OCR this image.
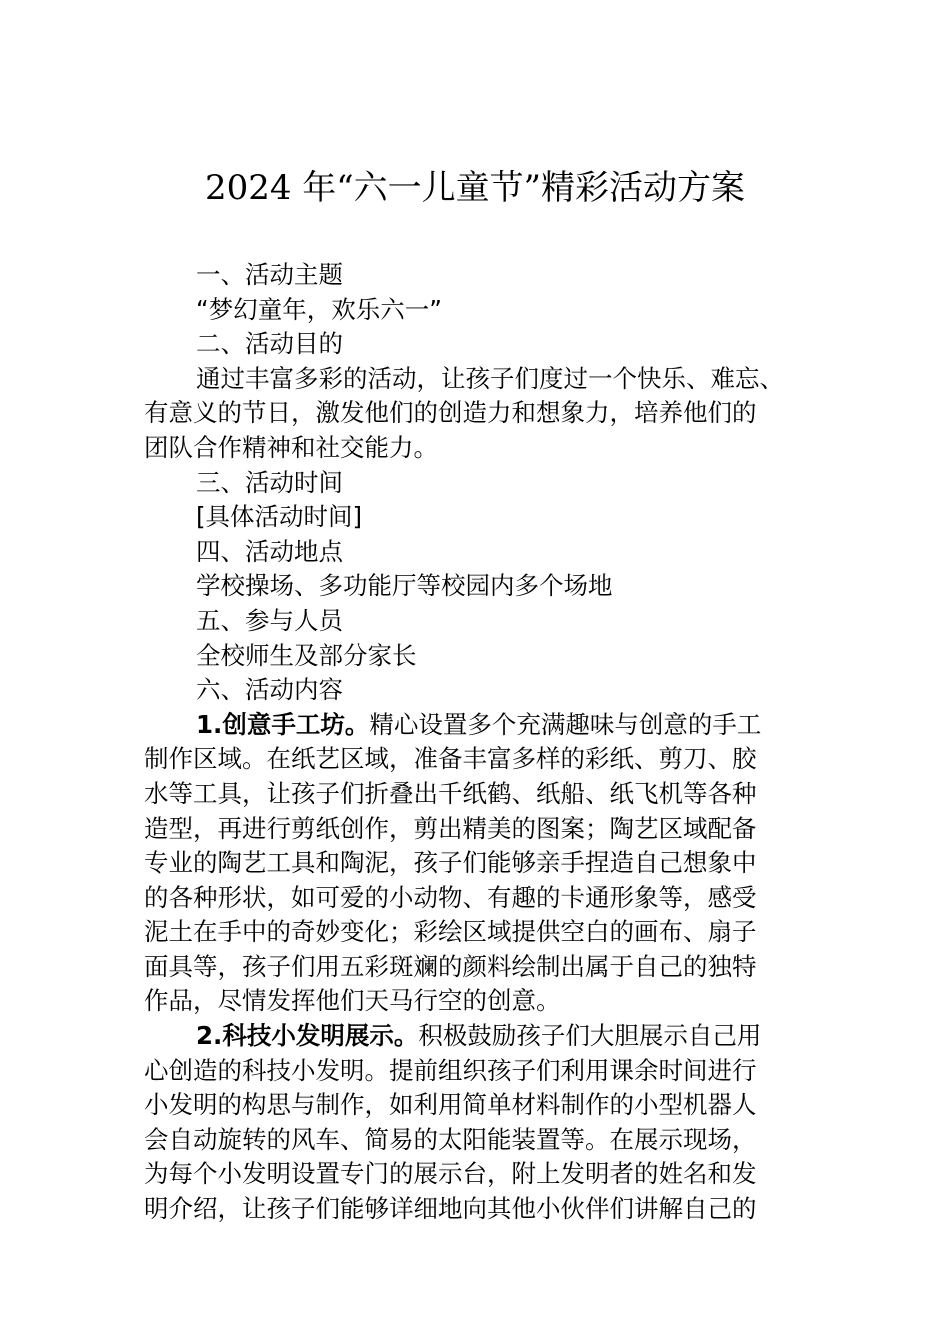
2024 年“六一儿童节”精彩活动方案
一、活动主题
“梦幻童年，欢乐六一”
二、活动目的
通过丰富多彩的活动，让孩子们度过一个快乐、难忘、
有意义的节日，激发他们的创造力和想象力，培养他们的
团队合作精神和社交能力。
三、活动时间
[具体活动时间]
四、活动地点
学校操场、多功能厅等校园内多个场地
五、参与人员
全校师生及部分家长
六、活动内容
1.创意手工坊。精心设置多个充满趣味与创意的手工
制作区域。在纸艺区域，准备丰富多样的彩纸、剪刀、胶
水等工具，让孩子们折叠出千纸鹤、纸船、纸飞机等各种
造型，再进行剪纸创作，剪出精美的图案；陶艺区域配备
专业的陶艺工具和陶泥，孩子们能够亲手捏造自己想象中
的各种形状，如可爱的小动物、有趣的卡通形象等，感受
泥土在手中的奇妙变化；彩绘区域提供空白的画布、扇子
面具等，孩子们用五彩斑斓的颜料绘制出属于自己的独特
作品，尽情发挥他们天马行空的创意。
2.科技小发明展示。积极鼓励孩子们大胆展示自己用
心创造的科技小发明。提前组织孩子们利用课余时间进行
小发明的构思与制作，如利用简单材料制作的小型机器人
会自动旋转的风车、简易的太阳能装置等。在展示现场，
为每个小发明设置专门的展示台，附上发明者的姓名和发
明介绍，让孩子们能够详细地向其他小伙伴们讲解自己的
